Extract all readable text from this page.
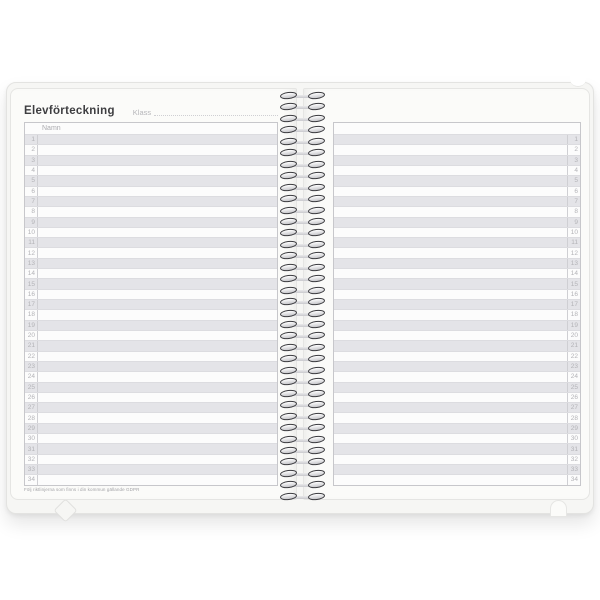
Elevförteckning Klass
Namn
1
2
3
4
5
6
7
8
9
10
11
12
13
14
15
16
17
18
19
20
21
22
23
24
25
26
27
28
29
30
31
32
33
34
Följ riktlinjerna som finns i din kommun gällande GDPR
1
2
3
4
5
6
7
8
9
10
11
12
13
14
15
16
17
18
19
20
21
22
23
24
25
26
27
28
29
30
31
32
33
34
